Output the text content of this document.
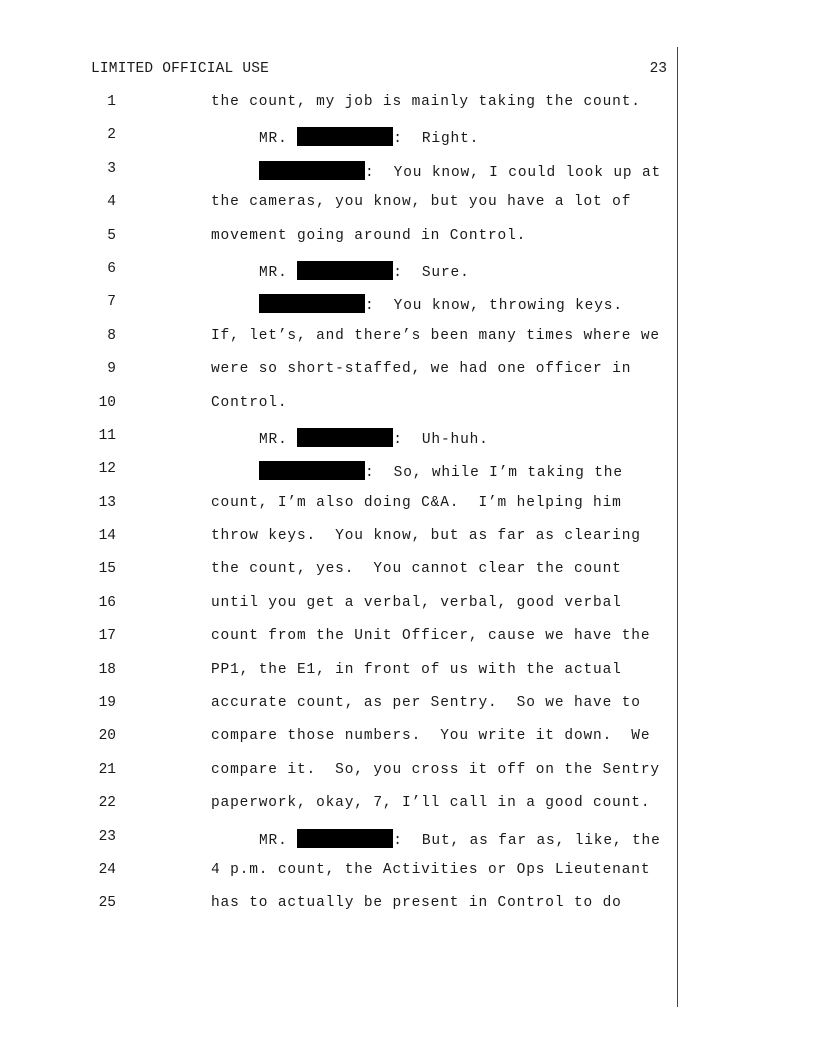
LIMITED OFFICIAL USE	23
1	the count, my job is mainly taking the count.
2	MR.	:  Right.
3	:  You know, I could look up at
4	the cameras, you know, but you have a lot of
5	movement going around in Control.
6	MR.	:  Sure.
7	:  You know, throwing keys.
8	If, let’s, and there’s been many times where we
9	were so short-staffed, we had one officer in
10	Control.
11	MR.	:  Uh-huh.
12	:  So, while I’m taking the
13	count, I’m also doing C&A.  I’m helping him
14	throw keys.  You know, but as far as clearing
15	the count, yes.  You cannot clear the count
16	until you get a verbal, verbal, good verbal
17	count from the Unit Officer, cause we have the
18	PP1, the E1, in front of us with the actual
19	accurate count, as per Sentry.  So we have to
20	compare those numbers.  You write it down.  We
21	compare it.  So, you cross it off on the Sentry
22	paperwork, okay, 7, I’ll call in a good count.
23	MR.	:  But, as far as, like, the
24	4 p.m. count, the Activities or Ops Lieutenant
25	has to actually be present in Control to do
